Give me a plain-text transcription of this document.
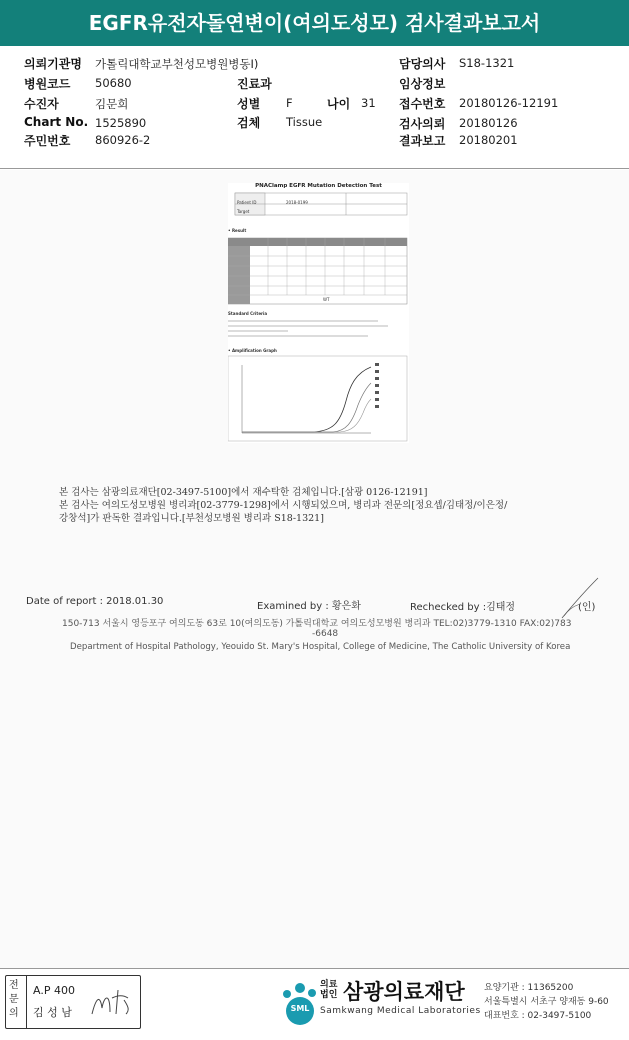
EGFR유전자돌연변이(여의도성모) 검사결과보고서
의뢰기관명 가톨릭대학교부천성모병원병동I)
병원코드 50680
수진자	김문희
Chart No. 1525890
주민번호 860926-2
진료과
성별 F	나이 31
검체 Tissue
담당의사 S18-1321
임상정보
접수번호 20180126-12191
검사의뢰 20180126
결과보고 20180201
PNAClamp EGFR Mutation Detection Test
Patient ID	2018-0199
Target
• Result
WT
Standard Criteria
• Amplification Graph
본 검사는 삼광의료재단[02-3497-5100]에서 재수탁한 검체입니다.[삼광 0126-12191]
본 검사는 여의도성모병원 병리과[02-3779-1298]에서 시행되었으며, 병리과 전문의[정요셉/김태정/이은정/
강창석]가 판독한 결과입니다.[부천성모병원 병리과 S18-1321]
Date of report : 2018.01.30	Examined by : 황은화	Rechecked by :김태정	(인)
150-713 서울시 영등포구 여의도동 63로 10(여의도동) 가톨릭대학교 여의도성모병원 병리과 TEL:02)3779-1310 FAX:02)783
-6648
Department of Hospital Pathology, Yeouido St. Mary's Hospital, College of Medicine, The Catholic University of Korea
전문의
A.P 400
김 성 남	SML
의료
법인 삼광의료재단
Samkwang Medical Laboratories
요양기관 : 11365200
서울특별시 서초구 양재동 9-60
대표번호 : 02-3497-5100
